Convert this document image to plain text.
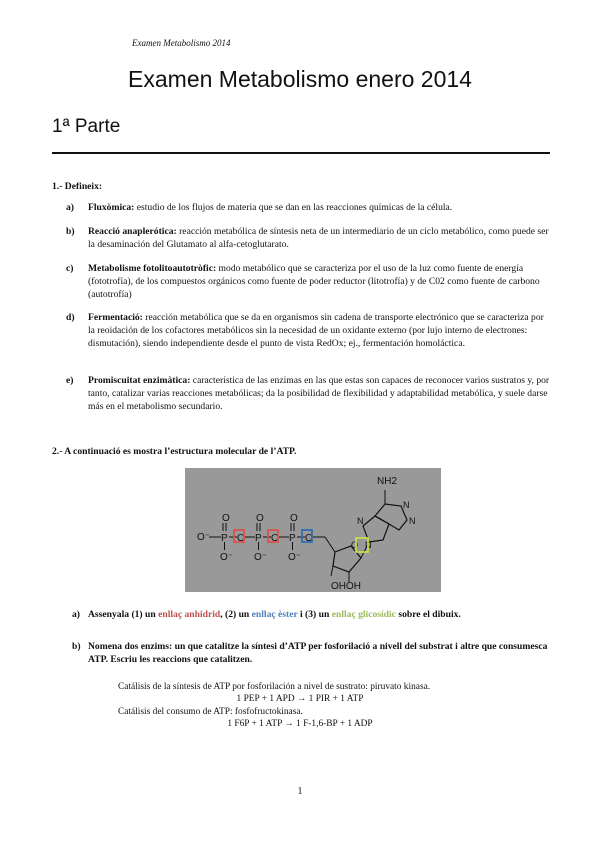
Examen Metabolismo 2014
Examen Metabolismo enero 2014
1ª Parte
1.- Defineix:
a) Fluxòmica: estudio de los flujos de materia que se dan en las reacciones químicas de la célula.
b) Reacció anaplerótica: reacción metabólica de síntesis neta de un intermediario de un ciclo metabólico, como puede ser la desaminación del Glutamato al alfa-cetoglutarato.
c) Metabolisme fotolitoautotròfic: modo metabólico que se caracteriza por el uso de la luz como fuente de energía (fototrofía), de los compuestos orgánicos como fuente de poder reductor (litotrofía) y de C02 como fuente de carbono (autotrofía)
d) Fermentació: reacción metabólica que se da en organismos sin cadena de transporte electrónico que se caracteriza por la reoidación de los cofactores metabólicos sin la necesidad de un oxidante externo (por lujo interno de electrones: dismutación), siendo independiente desde el punto de vista RedOx; ej., fermentación homoláctica.
e) Promiscuitat enzimàtica: característica de las enzimas en las que estas son capaces de reconocer varios sustratos y, por tanto, catalizar varias reacciones metabólicas; da la posibilidad de flexibilidad y adaptabilidad metabólica, y suele darse más en el metabolismo secundario.
2.- A continuació es mostra l’estructura molecular de l’ATP.
O⁻ P
O
O⁻
O P
O
O⁻
O P
O
O⁻
O
O
OHOH
NH2
N
N
N
N
a) Assenyala (1) un enllaç anhidrid, (2) un enllaç èster i (3) un enllaç glicosídic sobre el dibuix.
b) Nomena dos enzims: un que catalitze la síntesi d’ATP per fosforilació a nivell del substrat i altre que consumesca ATP. Escriu les reaccions que catalitzen.
Catálisis de la síntesis de ATP por fosforilación a nivel de sustrato: piruvato kinasa.
1 PEP + 1 APD → 1 PIR + 1 ATP
Catálisis del consumo de ATP: fosfofructokinasa.
1 F6P + 1 ATP → 1 F-1,6-BP + 1 ADP
1
